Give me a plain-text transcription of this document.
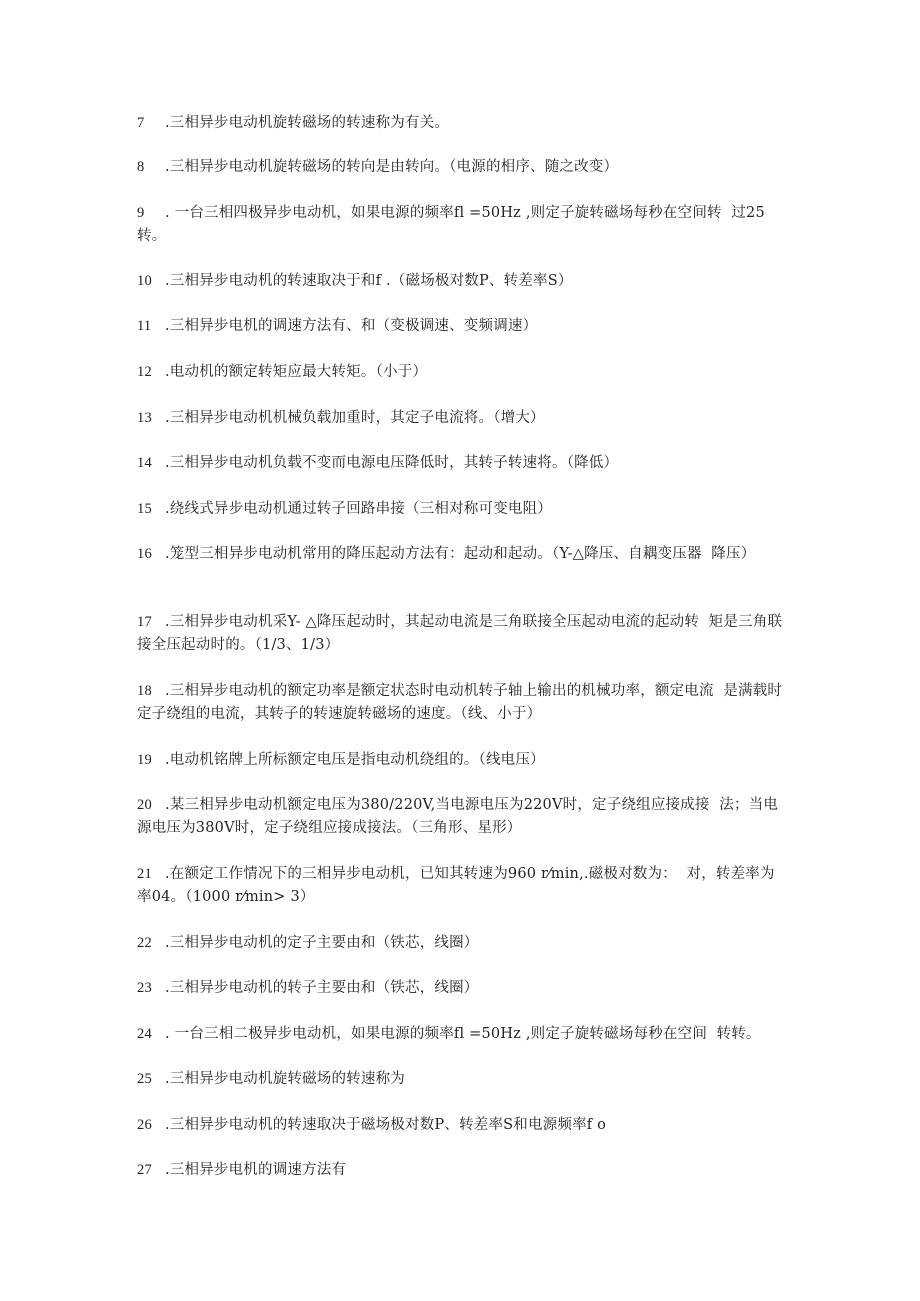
7 .三相异步电动机旋转磁场的转速称为有关。
8 .三相异步电动机旋转磁场的转向是由转向。（电源的相序、随之改变）
9 . 一台三相四极异步电动机，如果电源的频率fl =50Hz ,则定子旋转磁场每秒在空间转  过25转。
10 .三相异步电动机的转速取决于和f .（磁场极对数P、转差率S）
11 .三相异步电机的调速方法有、和（变极调速、变频调速）
12 .电动机的额定转矩应最大转矩。（小于）
13 .三相异步电动机机械负载加重时，其定子电流将。（增大）
14 .三相异步电动机负载不变而电源电压降低时，其转子转速将。（降低）
15 .绕线式异步电动机通过转子回路串接（三相对称可变电阻）
16 .笼型三相异步电动机常用的降压起动方法有：起动和起动。（Y-△降压、自耦变压器  降压）
17 .三相异步电动机采Y- △降压起动时，其起动电流是三角联接全压起动电流的起动转  矩是三角联接全压起动时的。（1/3、1/3）
18 .三相异步电动机的额定功率是额定状态时电动机转子轴上输出的机械功率，额定电流  是满载时定子绕组的电流，其转子的转速旋转磁场的速度。（线、小于）
19 .电动机铭牌上所标额定电压是指电动机绕组的。（线电压）
20 .某三相异步电动机额定电压为380/220V,当电源电压为220V时，定子绕组应接成接  法；当电源电压为380V时，定子绕组应接成接法。（三角形、星形）
21 .在额定工作情况下的三相异步电动机，已知其转速为960 r⁄min,.磁极对数为：  对，转差率为率04。（1000 r⁄min> 3）
22 .三相异步电动机的定子主要由和（铁芯，线圈）
23 .三相异步电动机的转子主要由和（铁芯，线圈）
24 . 一台三相二极异步电动机，如果电源的频率fl =50Hz ,则定子旋转磁场每秒在空间  转转。
25 .三相异步电动机旋转磁场的转速称为
26 .三相异步电动机的转速取决于磁场极对数P、转差率S和电源频率f o
27 .三相异步电机的调速方法有
